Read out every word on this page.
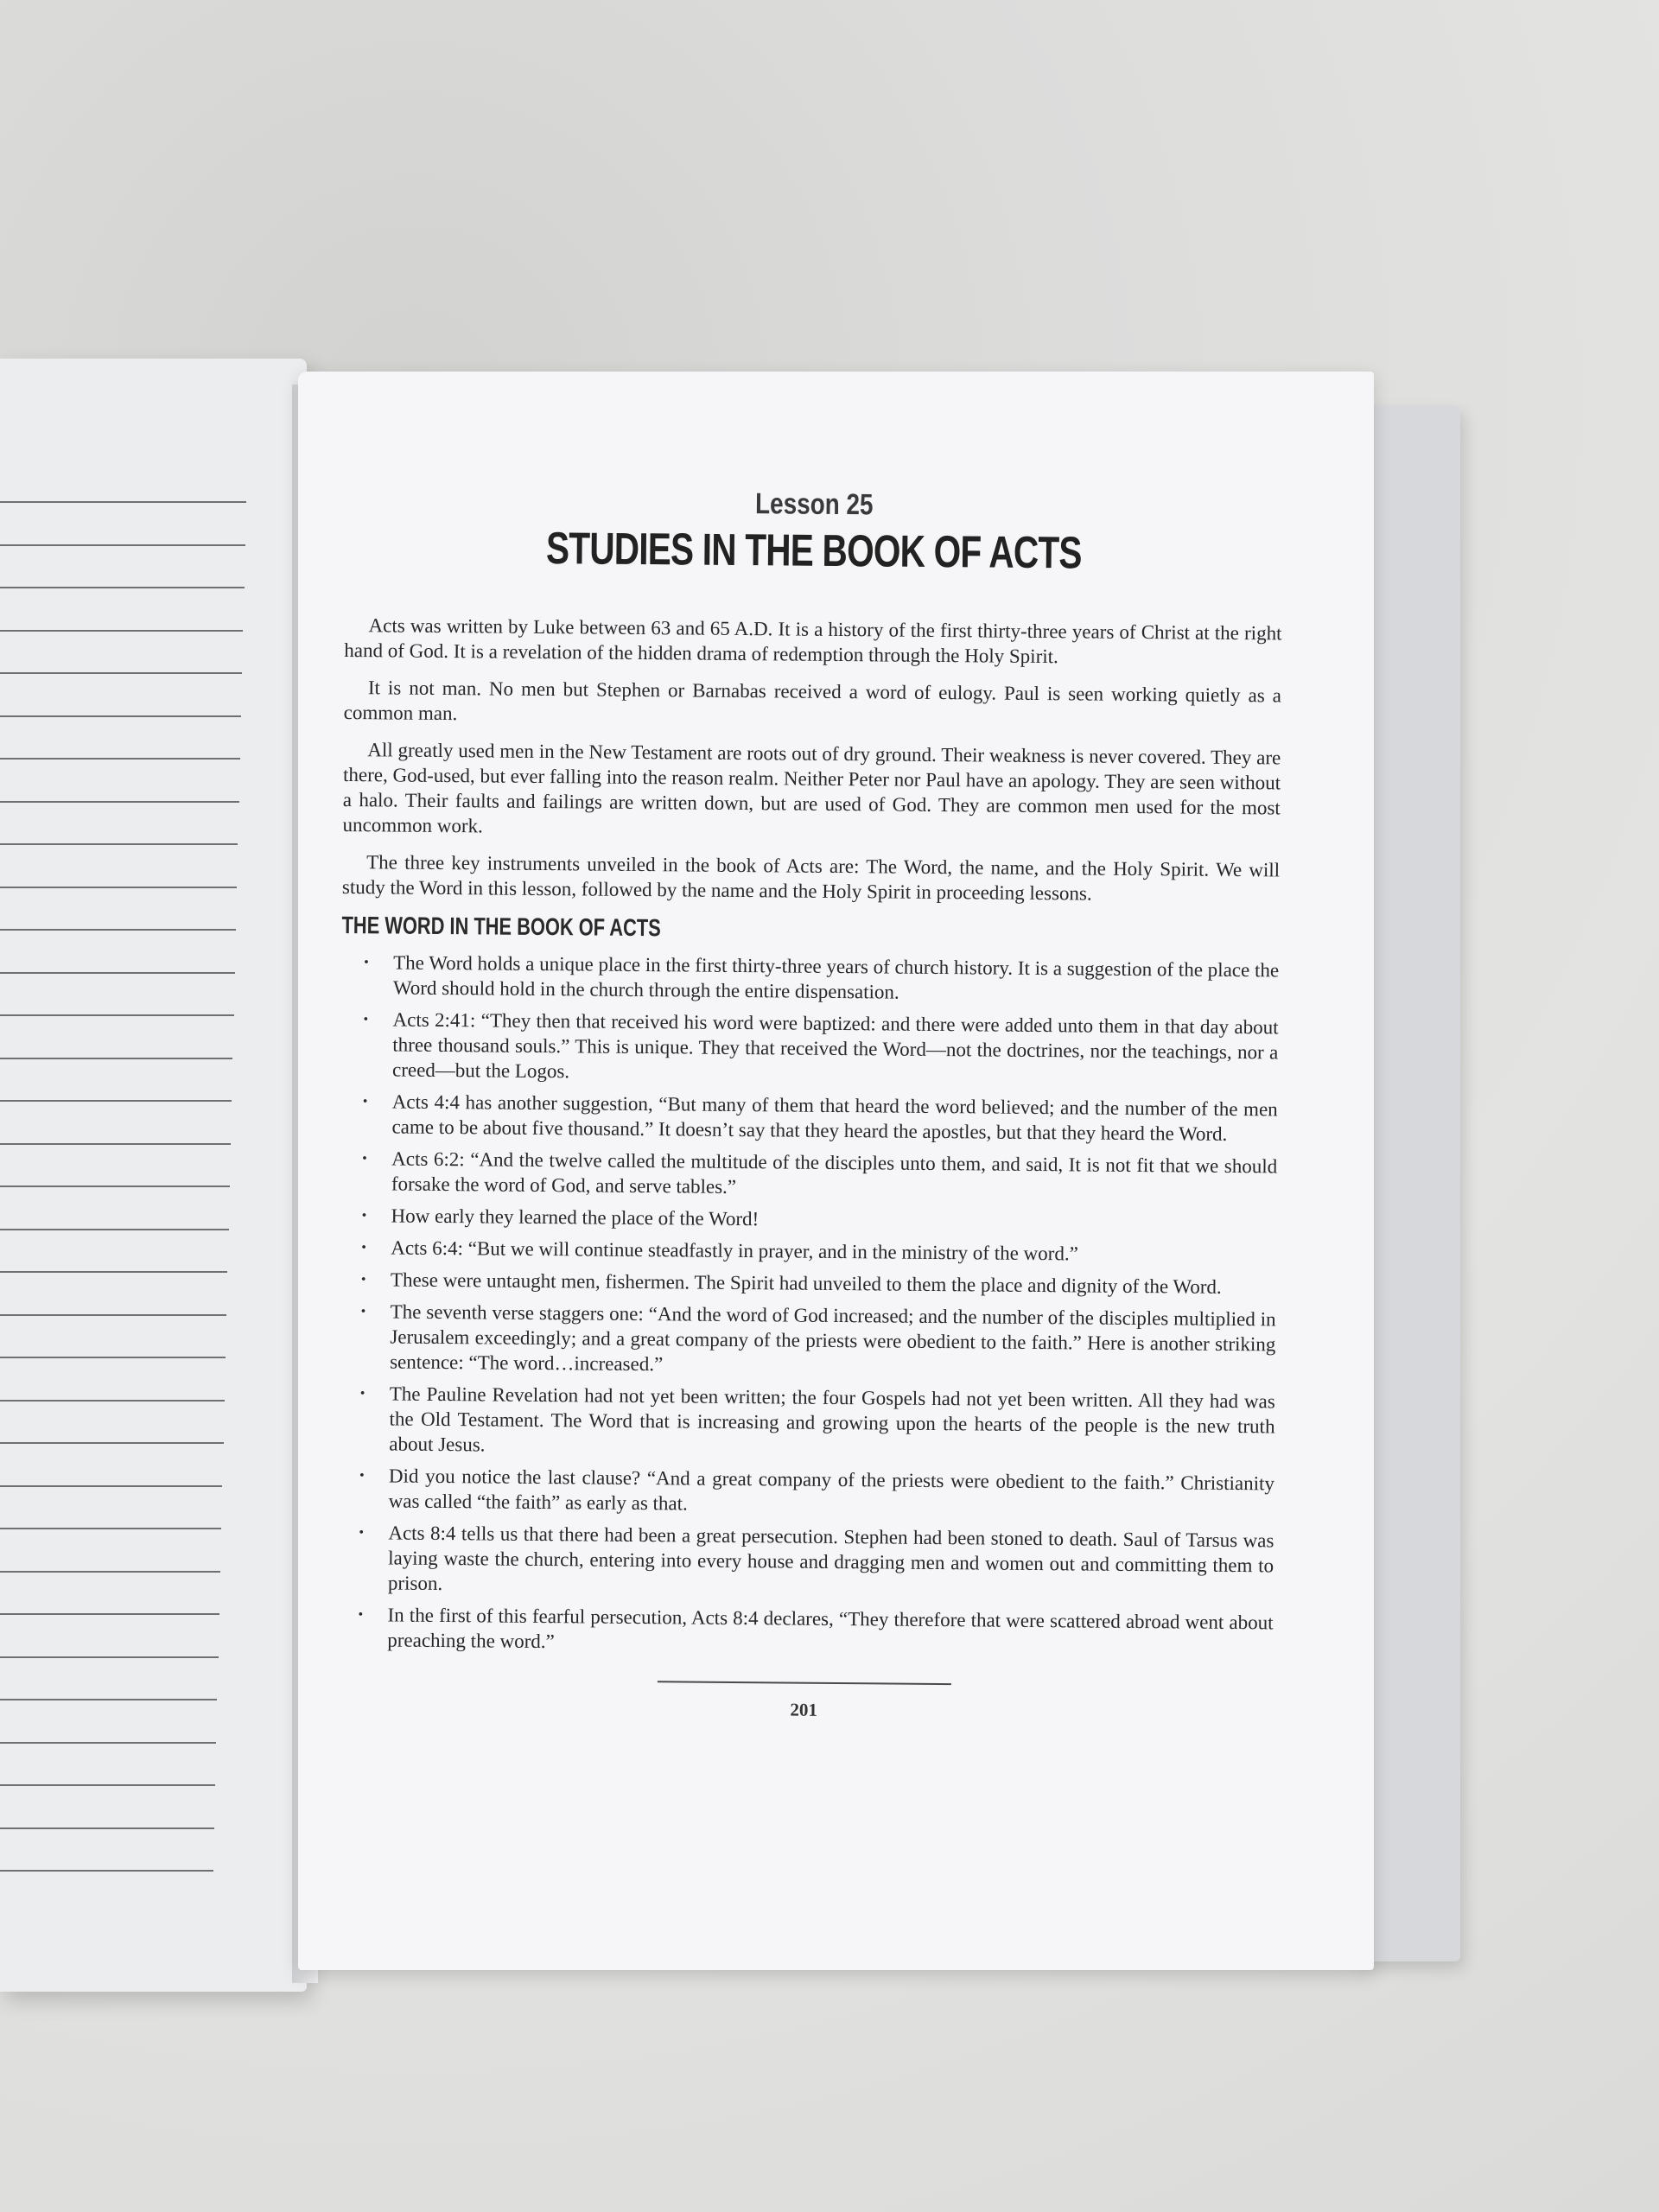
Lesson 25

STUDIES IN THE BOOK OF ACTS

Acts was written by Luke between 63 and 65 A.D. It is a history of the first thirty-three years of Christ at the right hand of God. It is a revelation of the hidden drama of redemption through the Holy Spirit.

It is not man. No men but Stephen or Barnabas received a word of eulogy. Paul is seen working quietly as a common man.

All greatly used men in the New Testament are roots out of dry ground. Their weakness is never covered. They are there, God-used, but ever falling into the reason realm. Neither Peter nor Paul have an apology. They are seen without a halo. Their faults and failings are written down, but are used of God. They are common men used for the most uncommon work.

The three key instruments unveiled in the book of Acts are: The Word, the name, and the Holy Spirit. We will study the Word in this lesson, followed by the name and the Holy Spirit in proceeding lessons.

THE WORD IN THE BOOK OF ACTS
• The Word holds a unique place in the first thirty-three years of church history. It is a suggestion of the place the Word should hold in the church through the entire dispensation.
• Acts 2:41: “They then that received his word were baptized: and there were added unto them in that day about three thousand souls.” This is unique. They that received the Word—not the doctrines, nor the teachings, nor a creed—but the Logos.
• Acts 4:4 has another suggestion, “But many of them that heard the word believed; and the number of the men came to be about five thousand.” It doesn’t say that they heard the apostles, but that they heard the Word.
• Acts 6:2: “And the twelve called the multitude of the disciples unto them, and said, It is not fit that we should forsake the word of God, and serve tables.”
• How early they learned the place of the Word!
• Acts 6:4: “But we will continue steadfastly in prayer, and in the ministry of the word.”
• These were untaught men, fishermen. The Spirit had unveiled to them the place and dignity of the Word.
• The seventh verse staggers one: “And the word of God increased; and the number of the disciples multiplied in Jerusalem exceedingly; and a great company of the priests were obedient to the faith.” Here is another striking sentence: “The word…increased.”
• The Pauline Revelation had not yet been written; the four Gospels had not yet been written. All they had was the Old Testament. The Word that is increasing and growing upon the hearts of the people is the new truth about Jesus.
• Did you notice the last clause? “And a great company of the priests were obedient to the faith.” Christianity was called “the faith” as early as that.
• Acts 8:4 tells us that there had been a great persecution. Stephen had been stoned to death. Saul of Tarsus was laying waste the church, entering into every house and dragging men and women out and committing them to prison.
• In the first of this fearful persecution, Acts 8:4 declares, “They therefore that were scattered abroad went about preaching the word.”
201
